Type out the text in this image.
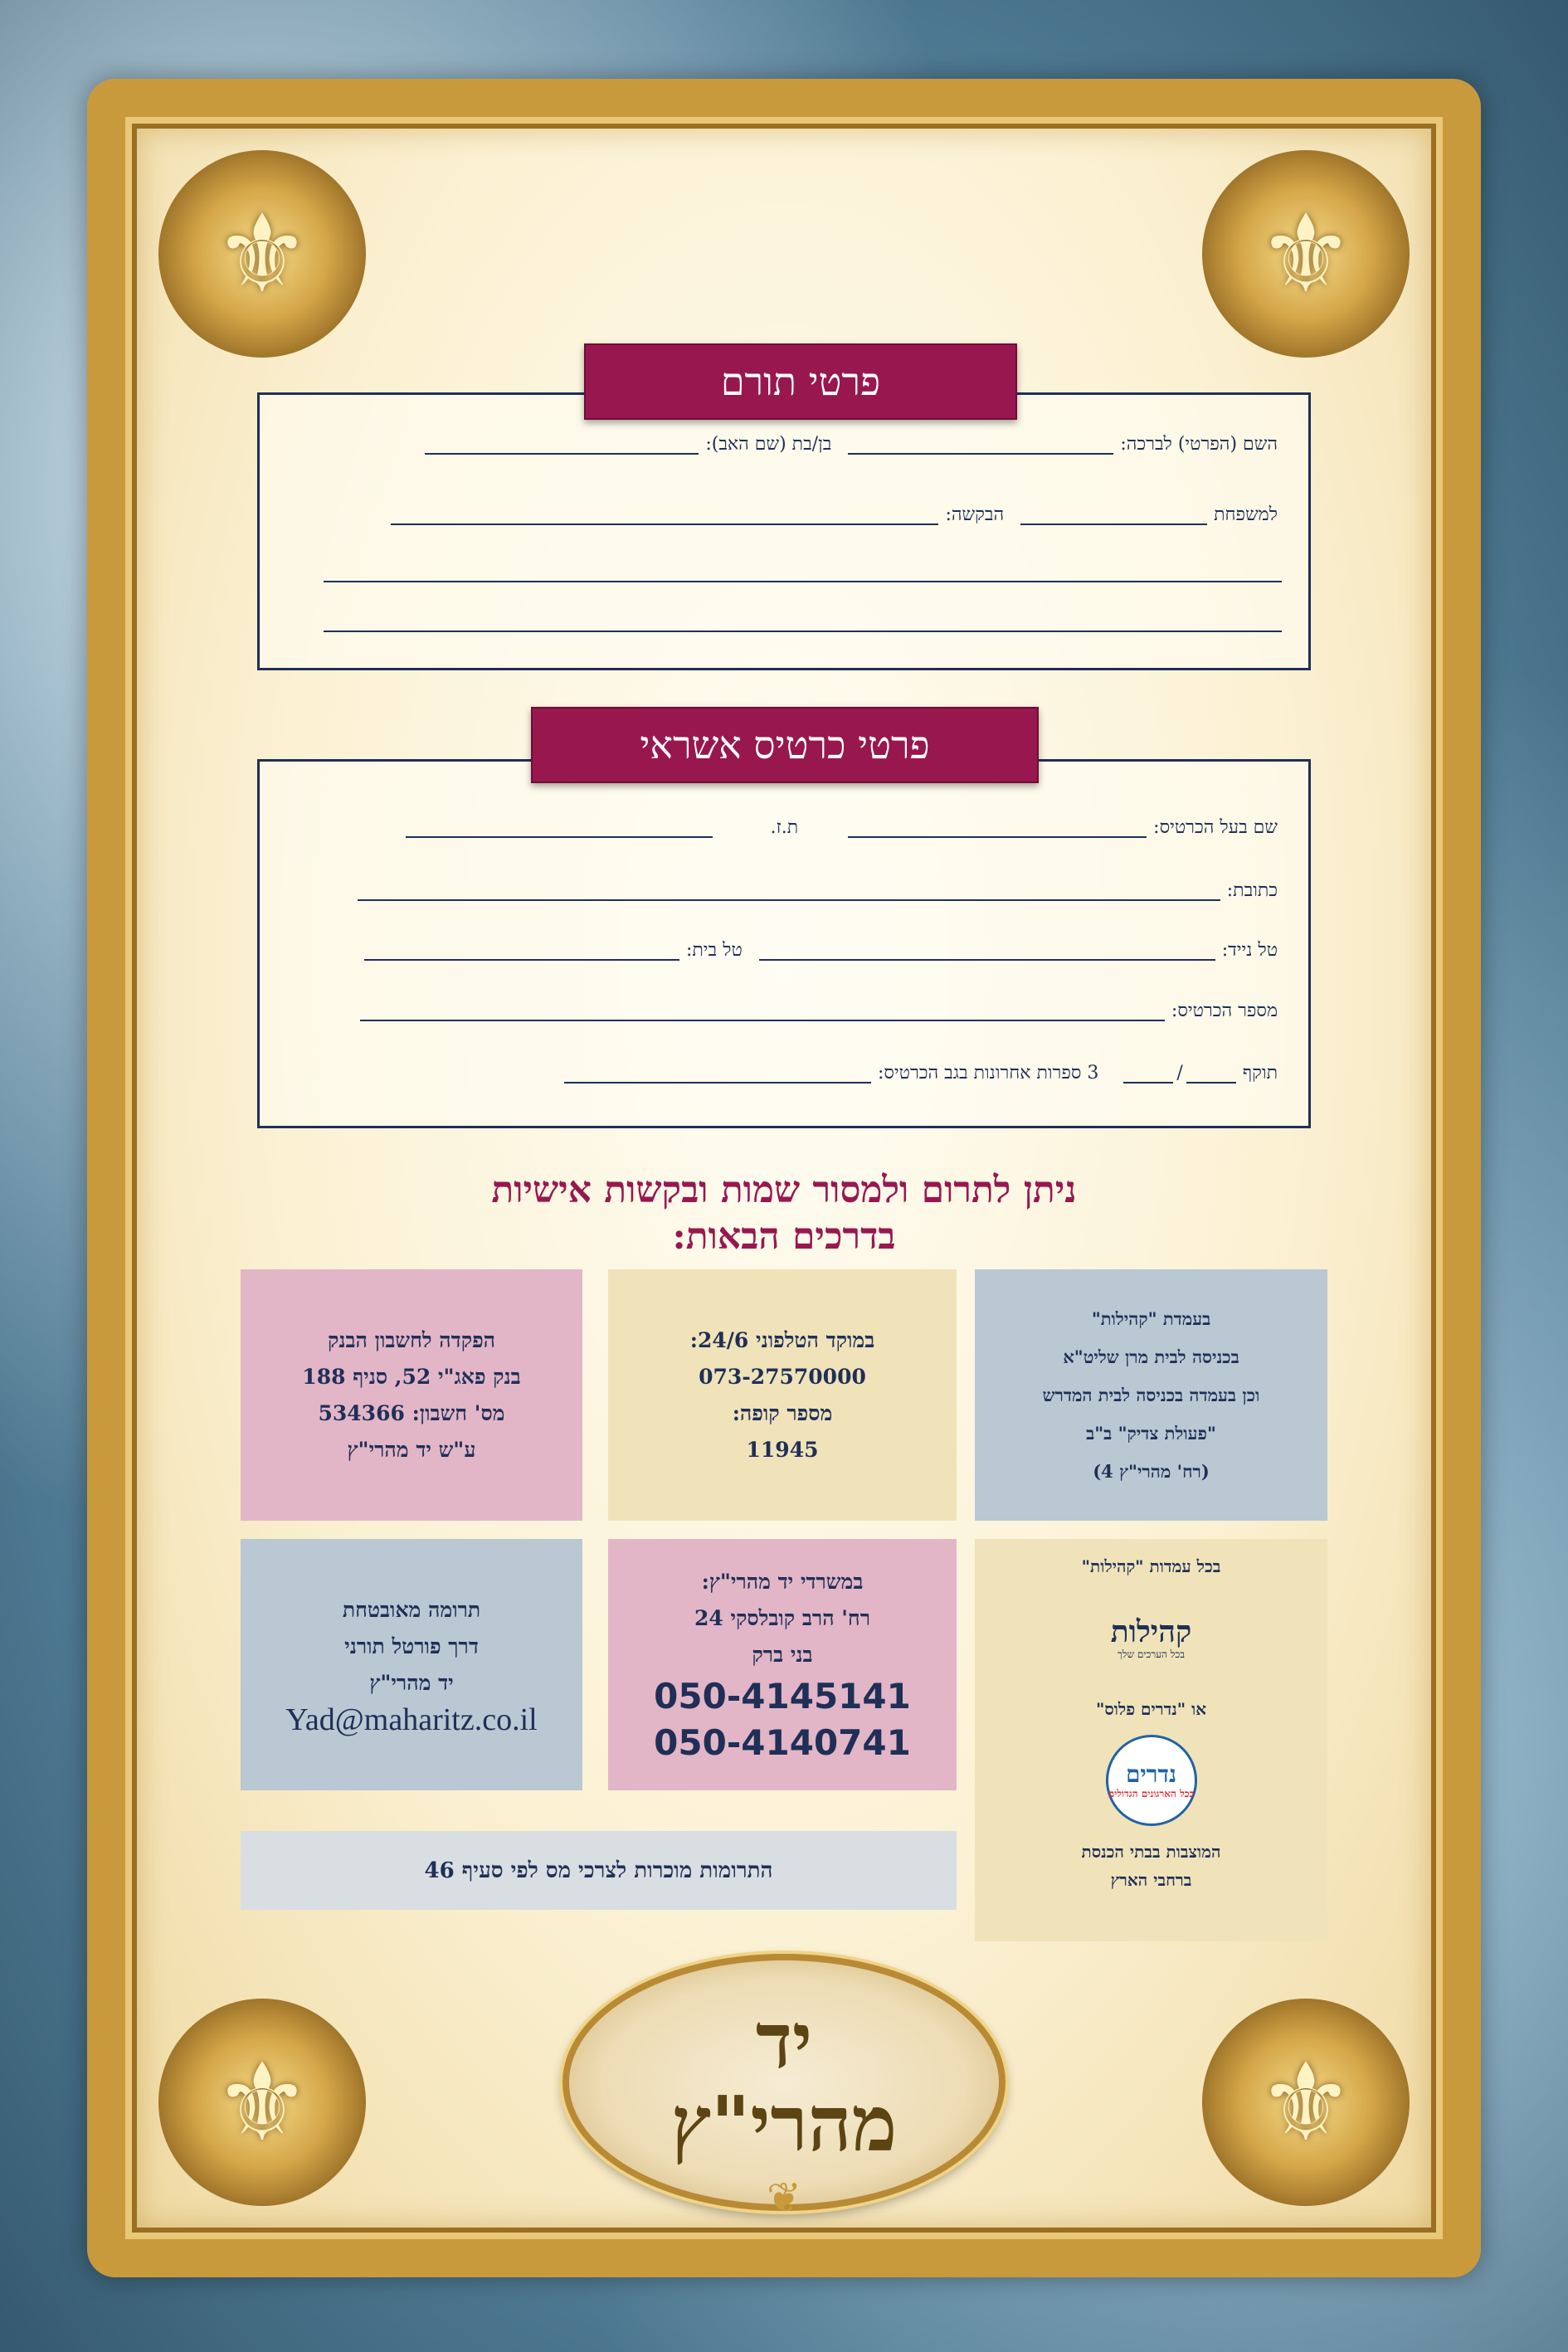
⚜	⚜
⚜	⚜
פרטי תורם
השם (הפרטי) לברכה:
בן/בת (שם האב):
למשפחת
הבקשה:
פרטי כרטיס אשראי
שם בעל הכרטיס:
ת.ז.
כתובת:
טל נייד:
טל בית:
מספר הכרטיס:
תוקף
/
3 ספרות אחרונות בגב הכרטיס:
ניתן לתרום ולמסור שמות ובקשות אישיות
בדרכים הבאות:
הפקדה לחשבון הבנק
בנק פאג"י 52, סניף 188
מס' חשבון: 534366
ע"ש יד מהרי"ץ
במוקד הטלפוני 24/6:
073-27570000
מספר קופה:
11945
בעמדת "קהילות"
בכניסה לבית מרן שליט"א
וכן בעמדה בכניסה לבית המדרש
"פעולת צדיק" ב"ב
(רח' מהרי"ץ 4)
תרומה מאובטחת
דרך פורטל תורני
יד מהרי"ץ
Yad@maharitz.co.il
במשרדי יד מהרי"ץ:
רח' הרב קובלסקי 24
בני ברק
050-4145141
050-4140741
בכל עמדות "קהילות"
קהילות
בכל הערכים שלך
או "נדרים פלוס"
נדרים
בכל הארגונים הגדולים
המוצבות בבתי הכנסת
ברחבי הארץ
התרומות מוכרות לצרכי מס לפי סעיף 46
יד
מהרי"ץ
❦
